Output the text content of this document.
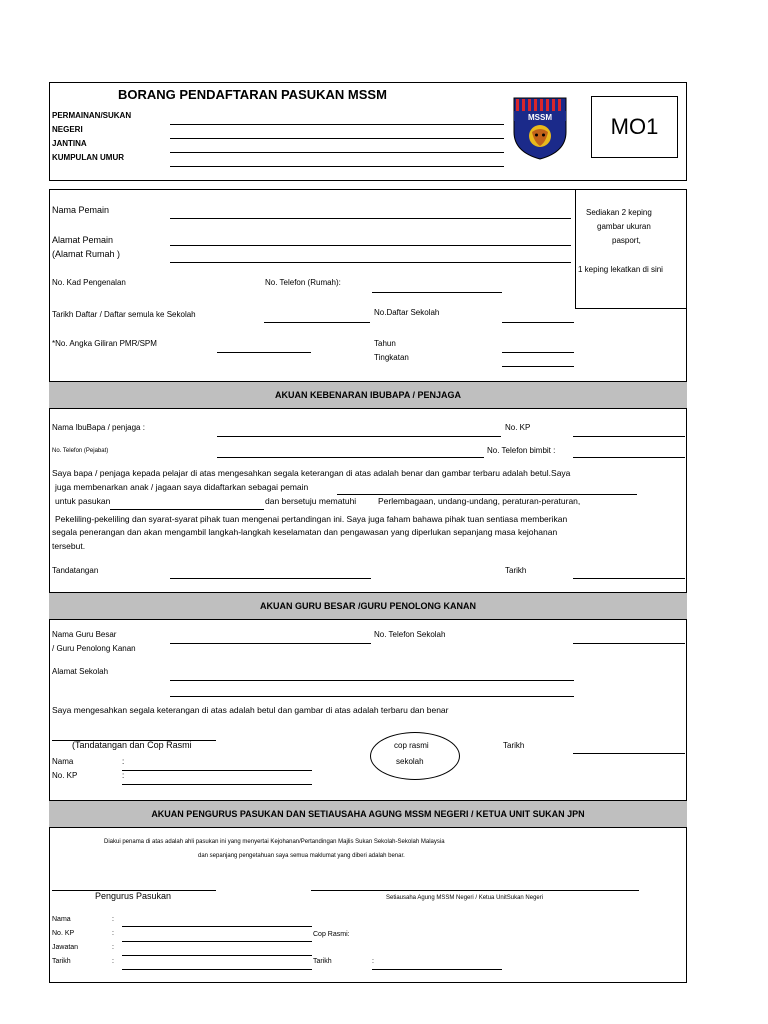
BORANG PENDAFTARAN PASUKAN MSSM
PERMAINAN/SUKAN
NEGERI
JANTINA
KUMPULAN UMUR
MSSM	MO1
Sediakan 2 keping
gambar ukuran
pasport,
1 keping lekatkan di sini
Nama Pemain
Alamat Pemain
(Alamat Rumah )
No. Kad Pengenalan	No. Telefon (Rumah):
Tarikh Daftar / Daftar semula ke Sekolah	No.Daftar Sekolah
*No. Angka Giliran PMR/SPM	Tahun
Tingkatan
AKUAN KEBENARAN IBUBAPA / PENJAGA
Nama IbuBapa / penjaga :	No. KP
No. Telefon (Pejabat)	No. Telefon bimbit :
Saya bapa / penjaga kepada pelajar di atas mengesahkan segala keterangan di atas adalah benar dan gambar terbaru adalah betul.Saya
juga membenarkan anak / jagaan saya didaftarkan sebagai pemain
untuk pasukan	dan bersetuju mematuhi	Perlembagaan, undang-undang, peraturan-peraturan,
Pekeliling-pekeliling dan syarat-syarat pihak tuan mengenai pertandingan ini. Saya juga faham bahawa pihak tuan sentiasa memberikan
segala penerangan dan akan mengambil langkah-langkah keselamatan dan pengawasan yang diperlukan sepanjang masa kejohanan
tersebut.
Tandatangan	Tarikh
AKUAN GURU BESAR /GURU PENOLONG KANAN
Nama Guru Besar
/ Guru Penolong Kanan
No. Telefon Sekolah
Alamat Sekolah
Saya mengesahkan segala keterangan di atas adalah betul dan gambar di atas adalah terbaru dan benar
(Tandatangan dan Cop Rasmi
Nama	:
No. KP	:
cop rasmi
sekolah
Tarikh
AKUAN PENGURUS PASUKAN DAN SETIAUSAHA AGUNG MSSM NEGERI / KETUA UNIT SUKAN JPN
Diakui penama di atas adalah ahli pasukan ini yang menyertai Kejohanan/Pertandingan Majlis Sukan Sekolah-Sekolah Malaysia
dan sepanjang pengetahuan saya semua maklumat yang diberi adalah benar.
Pengurus Pasukan	Setiausaha Agung MSSM Negeri / Ketua UnitSukan Negeri
Nama	:
No. KP	:	Cop Rasmi:
Jawatan	:
Tarikh	:	Tarikh	:
